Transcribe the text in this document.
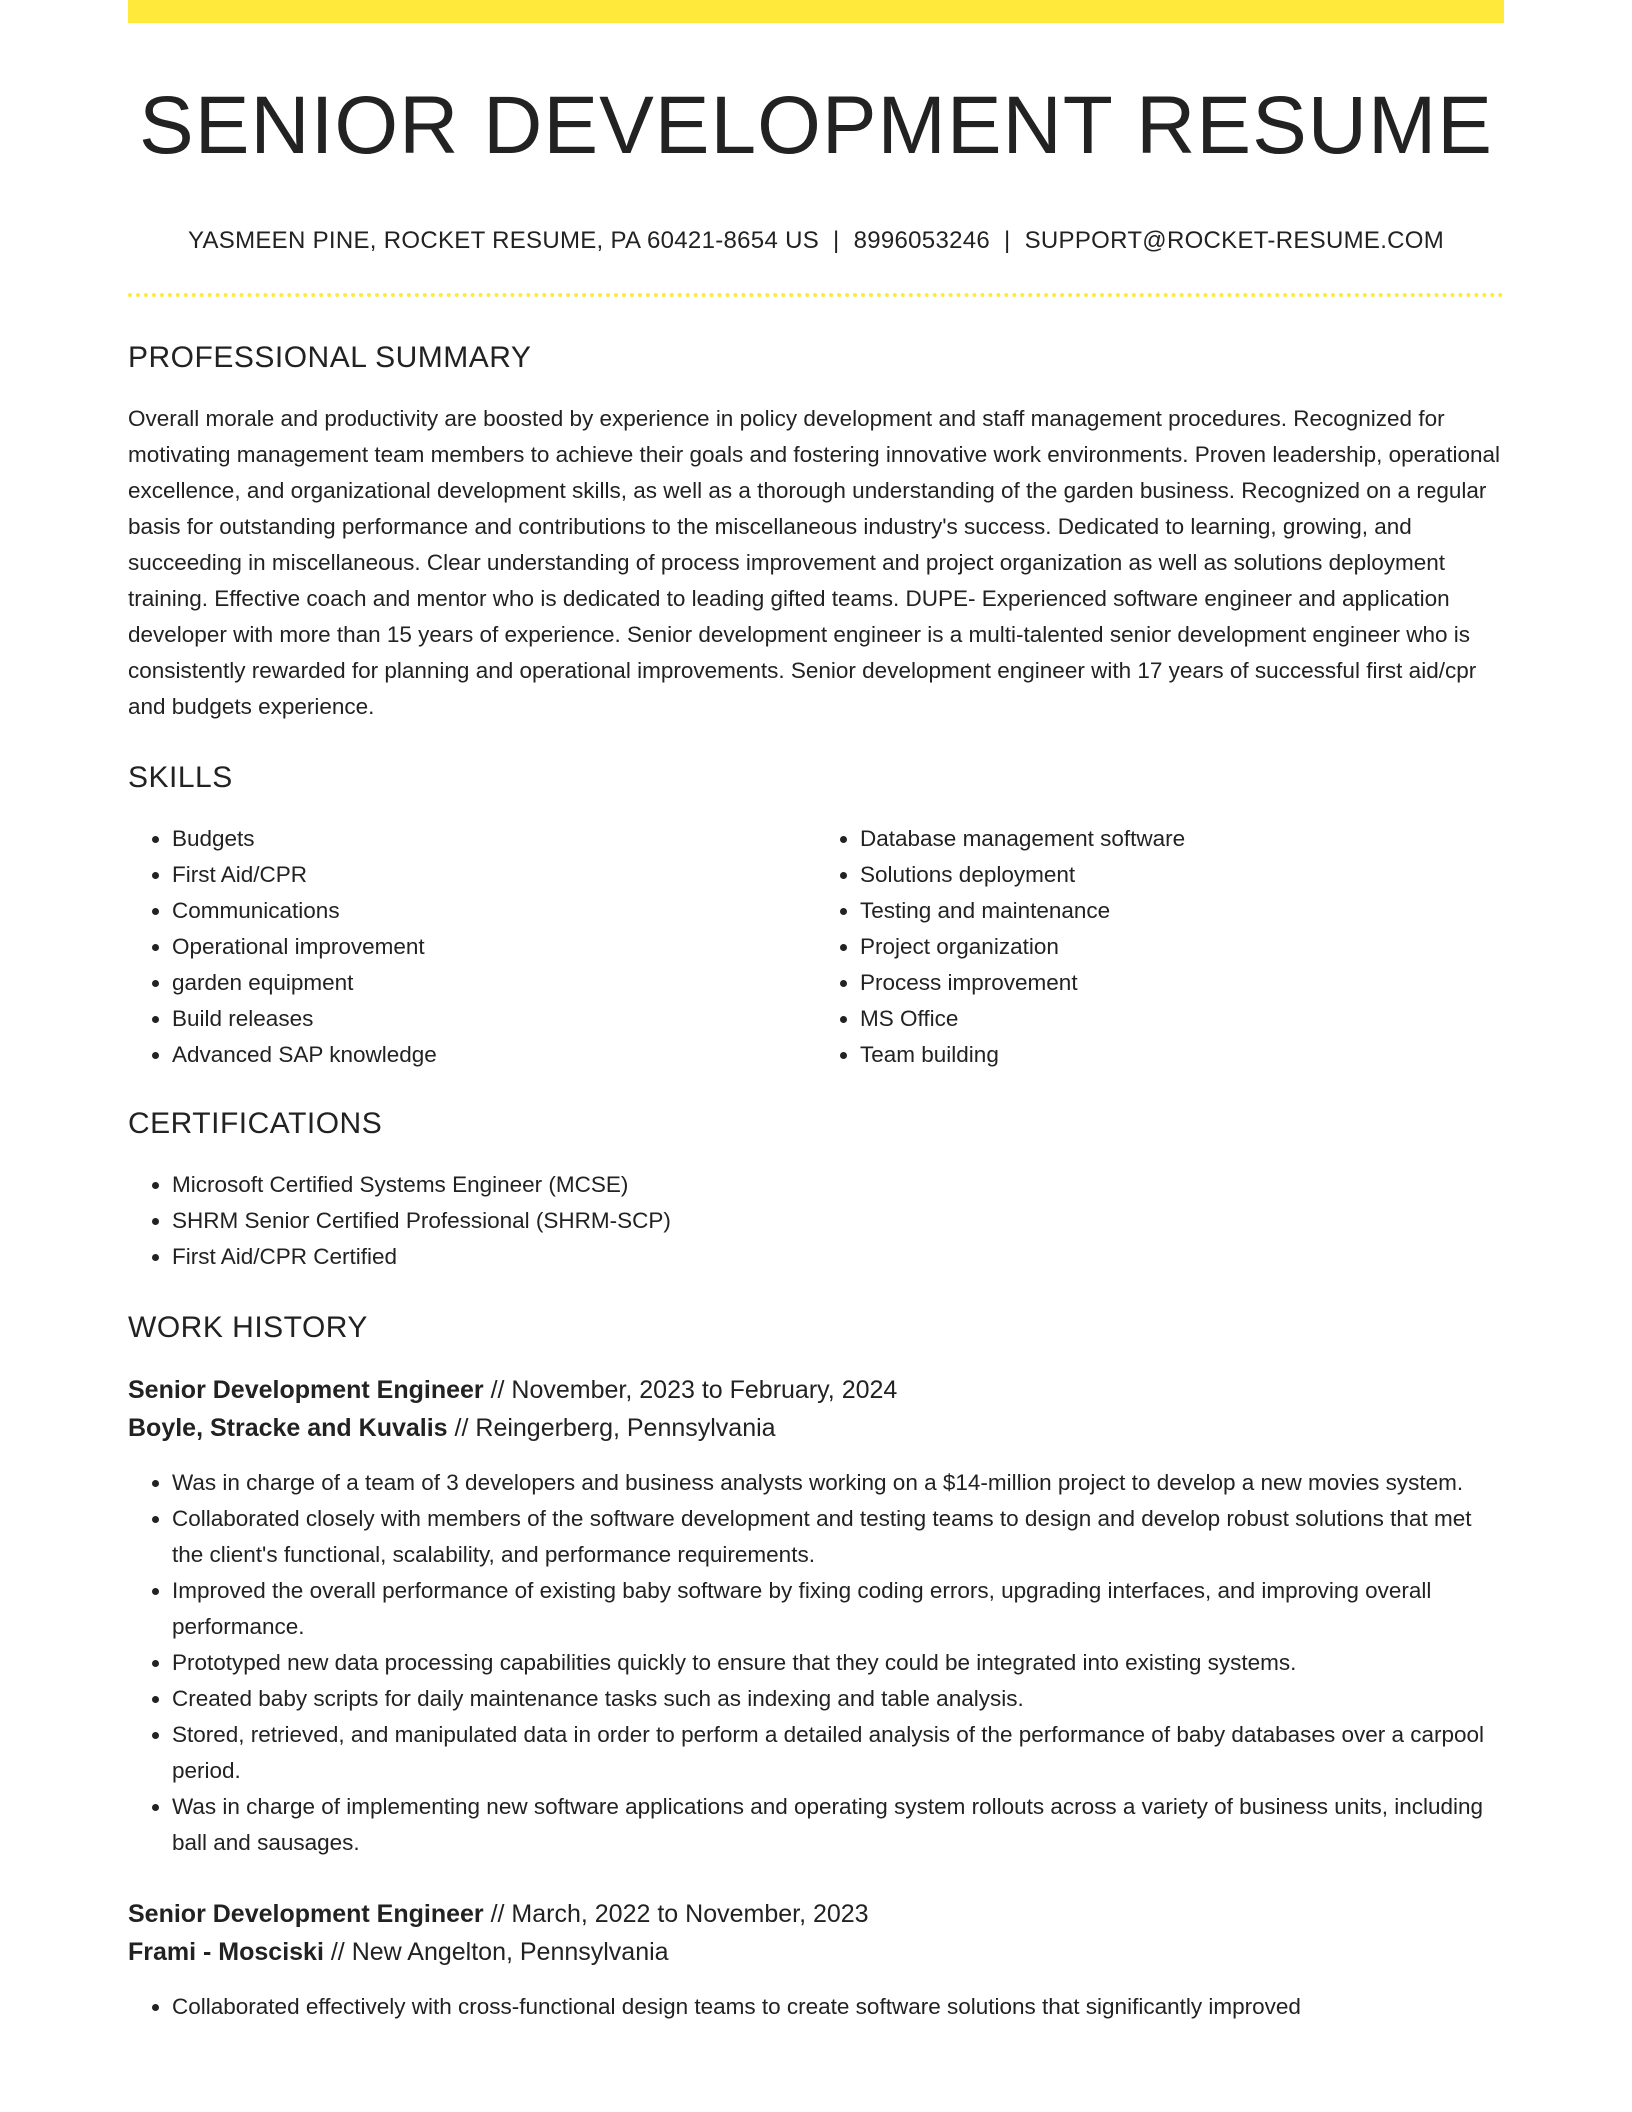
SENIOR DEVELOPMENT RESUME
YASMEEN PINE, ROCKET RESUME, PA 60421-8654 US | 8996053246 | SUPPORT@ROCKET-RESUME.COM
PROFESSIONAL SUMMARY
Overall morale and productivity are boosted by experience in policy development and staff management procedures. Recognized for motivating management team members to achieve their goals and fostering innovative work environments. Proven leadership, operational excellence, and organizational development skills, as well as a thorough understanding of the garden business. Recognized on a regular basis for outstanding performance and contributions to the miscellaneous industry's success. Dedicated to learning, growing, and succeeding in miscellaneous. Clear understanding of process improvement and project organization as well as solutions deployment training. Effective coach and mentor who is dedicated to leading gifted teams. DUPE- Experienced software engineer and application developer with more than 15 years of experience. Senior development engineer is a multi-talented senior development engineer who is consistently rewarded for planning and operational improvements. Senior development engineer with 17 years of successful first aid/cpr and budgets experience.
SKILLS
• Budgets
• First Aid/CPR
• Communications
• Operational improvement
• garden equipment
• Build releases
• Advanced SAP knowledge
• Database management software
• Solutions deployment
• Testing and maintenance
• Project organization
• Process improvement
• MS Office
• Team building
CERTIFICATIONS
• Microsoft Certified Systems Engineer (MCSE)
• SHRM Senior Certified Professional (SHRM-SCP)
• First Aid/CPR Certified
WORK HISTORY
Senior Development Engineer // November, 2023 to February, 2024
Boyle, Stracke and Kuvalis // Reingerberg, Pennsylvania
• Was in charge of a team of 3 developers and business analysts working on a $14-million project to develop a new movies system.
• Collaborated closely with members of the software development and testing teams to design and develop robust solutions that met the client's functional, scalability, and performance requirements.
• Improved the overall performance of existing baby software by fixing coding errors, upgrading interfaces, and improving overall performance.
• Prototyped new data processing capabilities quickly to ensure that they could be integrated into existing systems.
• Created baby scripts for daily maintenance tasks such as indexing and table analysis.
• Stored, retrieved, and manipulated data in order to perform a detailed analysis of the performance of baby databases over a carpool period.
• Was in charge of implementing new software applications and operating system rollouts across a variety of business units, including ball and sausages.
Senior Development Engineer // March, 2022 to November, 2023
Frami - Mosciski // New Angelton, Pennsylvania
• Collaborated effectively with cross-functional design teams to create software solutions that significantly improved
